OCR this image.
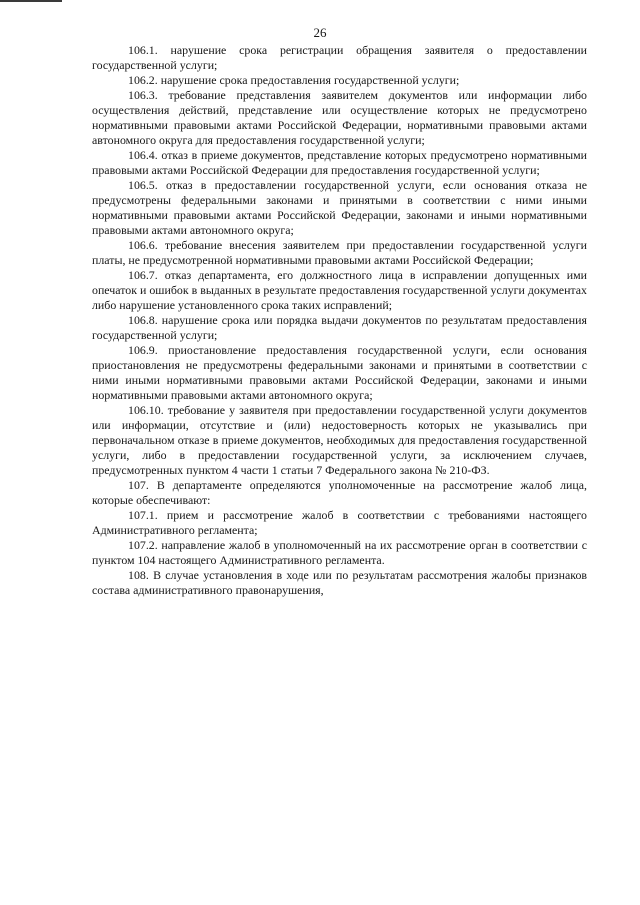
26

106.1. нарушение срока регистрации обращения заявителя о предоставлении государственной услуги;

106.2. нарушение срока предоставления государственной услуги;

106.3. требование представления заявителем документов или информации либо осуществления действий, представление или осуществление которых не предусмотрено нормативными правовыми актами Российской Федерации, нормативными правовыми актами автономного округа для предоставления государственной услуги;

106.4. отказ в приеме документов, представление которых предусмотрено нормативными правовыми актами Российской Федерации для предоставления государственной услуги;

106.5. отказ в предоставлении государственной услуги, если основания отказа не предусмотрены федеральными законами и принятыми в соответствии с ними иными нормативными правовыми актами Российской Федерации, законами и иными нормативными правовыми актами автономного округа;

106.6. требование внесения заявителем при предоставлении государственной услуги платы, не предусмотренной нормативными правовыми актами Российской Федерации;

106.7. отказ департамента, его должностного лица в исправлении допущенных ими опечаток и ошибок в выданных в результате предоставления государственной услуги документах либо нарушение установленного срока таких исправлений;

106.8. нарушение срока или порядка выдачи документов по результатам предоставления государственной услуги;

106.9. приостановление предоставления государственной услуги, если основания приостановления не предусмотрены федеральными законами и принятыми в соответствии с ними иными нормативными правовыми актами Российской Федерации, законами и иными нормативными правовыми актами автономного округа;

106.10. требование у заявителя при предоставлении государственной услуги документов или информации, отсутствие и (или) недостоверность которых не указывались при первоначальном отказе в приеме документов, необходимых для предоставления государственной услуги, либо в предоставлении государственной услуги, за исключением случаев, предусмотренных пунктом 4 части 1 статьи 7 Федерального закона № 210-ФЗ.

107. В департаменте определяются уполномоченные на рассмотрение жалоб лица, которые обеспечивают:

107.1. прием и рассмотрение жалоб в соответствии с требованиями настоящего Административного регламента;

107.2. направление жалоб в уполномоченный на их рассмотрение орган в соответствии с пунктом 104 настоящего Административного регламента.

108. В случае установления в ходе или по результатам рассмотрения жалобы признаков состава административного правонарушения,
